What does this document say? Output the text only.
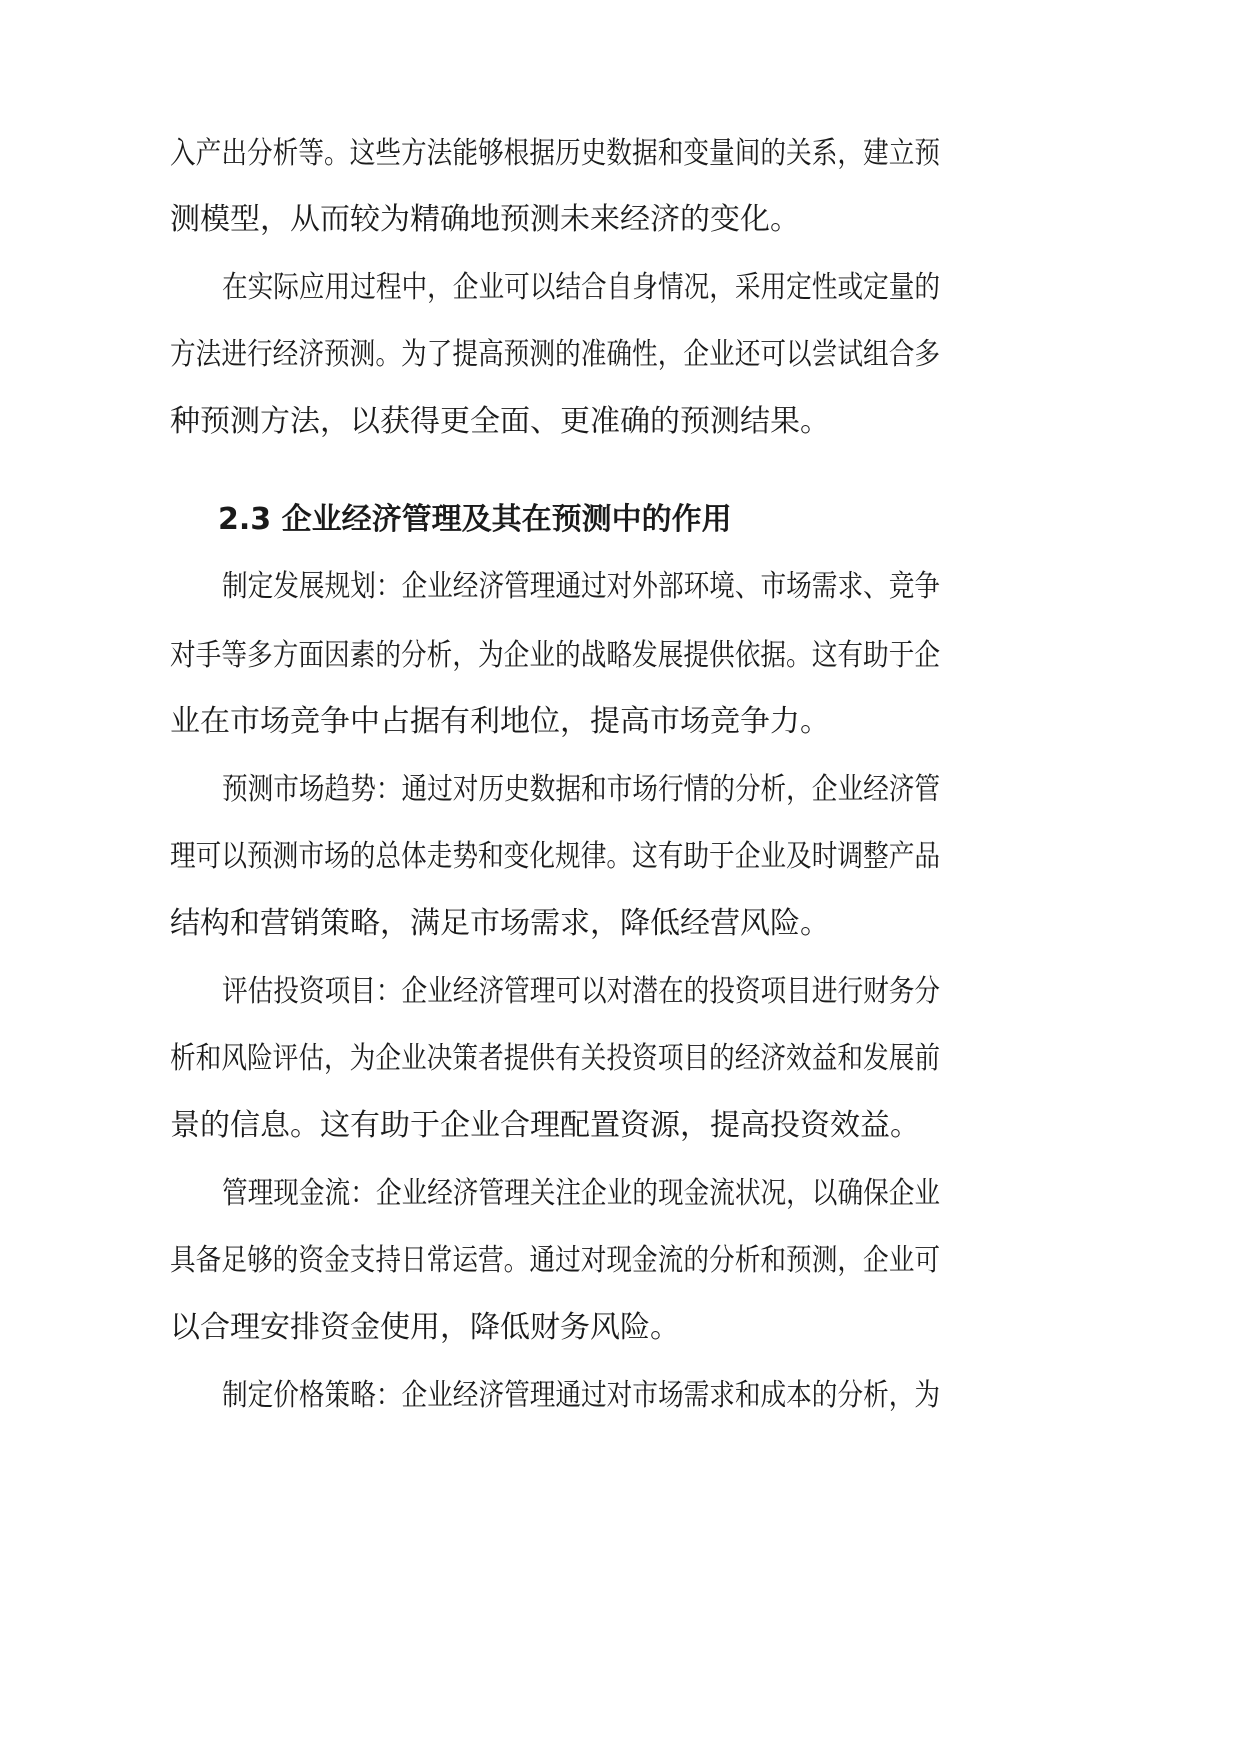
入产出分析等。这些方法能够根据历史数据和变量间的关系，建立预
测模型，从而较为精确地预测未来经济的变化。
在实际应用过程中，企业可以结合自身情况，采用定性或定量的
方法进行经济预测。为了提高预测的准确性，企业还可以尝试组合多
种预测方法，以获得更全面、更准确的预测结果。
2.3 企业经济管理及其在预测中的作用
制定发展规划：企业经济管理通过对外部环境、市场需求、竞争
对手等多方面因素的分析，为企业的战略发展提供依据。这有助于企
业在市场竞争中占据有利地位，提高市场竞争力。
预测市场趋势：通过对历史数据和市场行情的分析，企业经济管
理可以预测市场的总体走势和变化规律。这有助于企业及时调整产品
结构和营销策略，满足市场需求，降低经营风险。
评估投资项目：企业经济管理可以对潜在的投资项目进行财务分
析和风险评估，为企业决策者提供有关投资项目的经济效益和发展前
景的信息。这有助于企业合理配置资源，提高投资效益。
管理现金流：企业经济管理关注企业的现金流状况，以确保企业
具备足够的资金支持日常运营。通过对现金流的分析和预测，企业可
以合理安排资金使用，降低财务风险。
制定价格策略：企业经济管理通过对市场需求和成本的分析，为
